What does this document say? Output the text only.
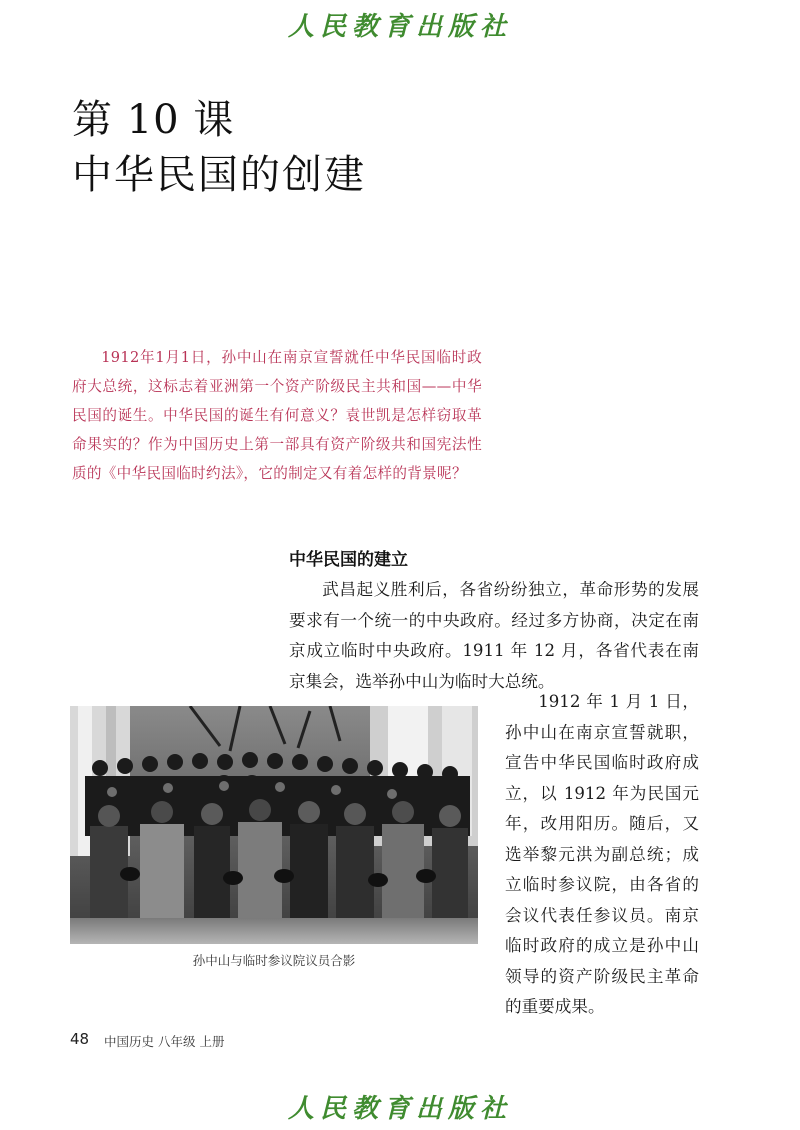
人民教育出版社
第 10 课
中华民国的创建
1912年1月1日，孙中山在南京宣誓就任中华民国临时政府大总统，这标志着亚洲第一个资产阶级民主共和国——中华民国的诞生。中华民国的诞生有何意义？袁世凯是怎样窃取革命果实的？作为中国历史上第一部具有资产阶级共和国宪法性质的《中华民国临时约法》，它的制定又有着怎样的背景呢？
中华民国的建立
武昌起义胜利后，各省纷纷独立，革命形势的发展要求有一个统一的中央政府。经过多方协商，决定在南京成立临时中央政府。1911 年 12 月，各省代表在南京集会，选举孙中山为临时大总统。
1912 年 1 月 1 日，孙中山在南京宣誓就职，宣告中华民国临时政府成立，以 1912 年为民国元年，改用阳历。随后，又选举黎元洪为副总统；成立临时参议院，由各省的会议代表任参议员。南京临时政府的成立是孙中山领导的资产阶级民主革命的重要成果。
孙中山与临时参议院议员合影
48 中国历史 八年级 上册
人民教育出版社
